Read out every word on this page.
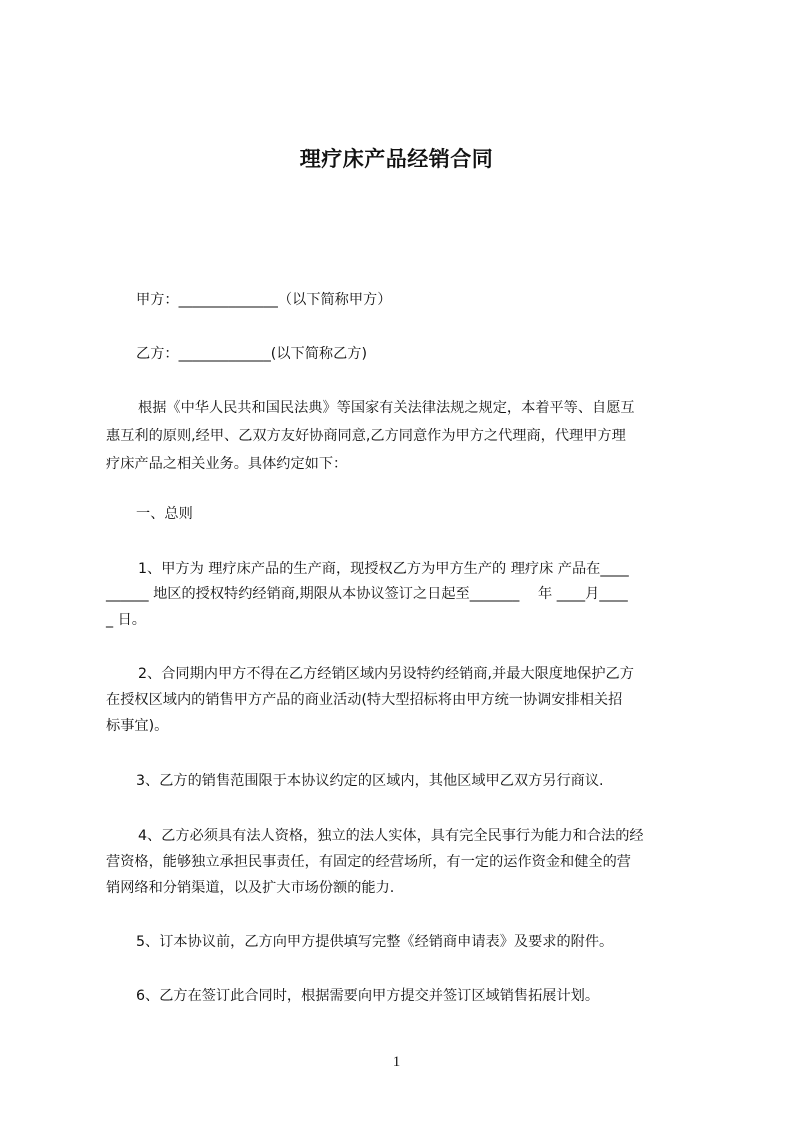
理疗床产品经销合同
甲方：______________（以下简称甲方）
乙方：_____________(以下简称乙方)
根据《中华人民共和国民法典》等国家有关法律法规之规定，本着平等、自愿互
惠互利的原则,经甲、乙双方友好协商同意,乙方同意作为甲方之代理商，代理甲方理
疗床产品之相关业务。具体约定如下：
一、总则
1、甲方为 理疗床产品的生产商，现授权乙方为甲方生产的 理疗床 产品在____
______ 地区的授权特约经销商,期限从本协议签订之日起至_______　 年 ____月____
_ 日。
2、合同期内甲方不得在乙方经销区域内另设特约经销商,并最大限度地保护乙方
在授权区域内的销售甲方产品的商业活动(特大型招标将由甲方统一协调安排相关招
标事宜)。
3、乙方的销售范围限于本协议约定的区域内，其他区域甲乙双方另行商议.
4、乙方必须具有法人资格，独立的法人实体，具有完全民事行为能力和合法的经
营资格，能够独立承担民事责任，有固定的经营场所，有一定的运作资金和健全的营
销网络和分销渠道，以及扩大市场份额的能力.
5、订本协议前，乙方向甲方提供填写完整《经销商申请表》及要求的附件。
6、乙方在签订此合同时，根据需要向甲方提交并签订区域销售拓展计划。
1
